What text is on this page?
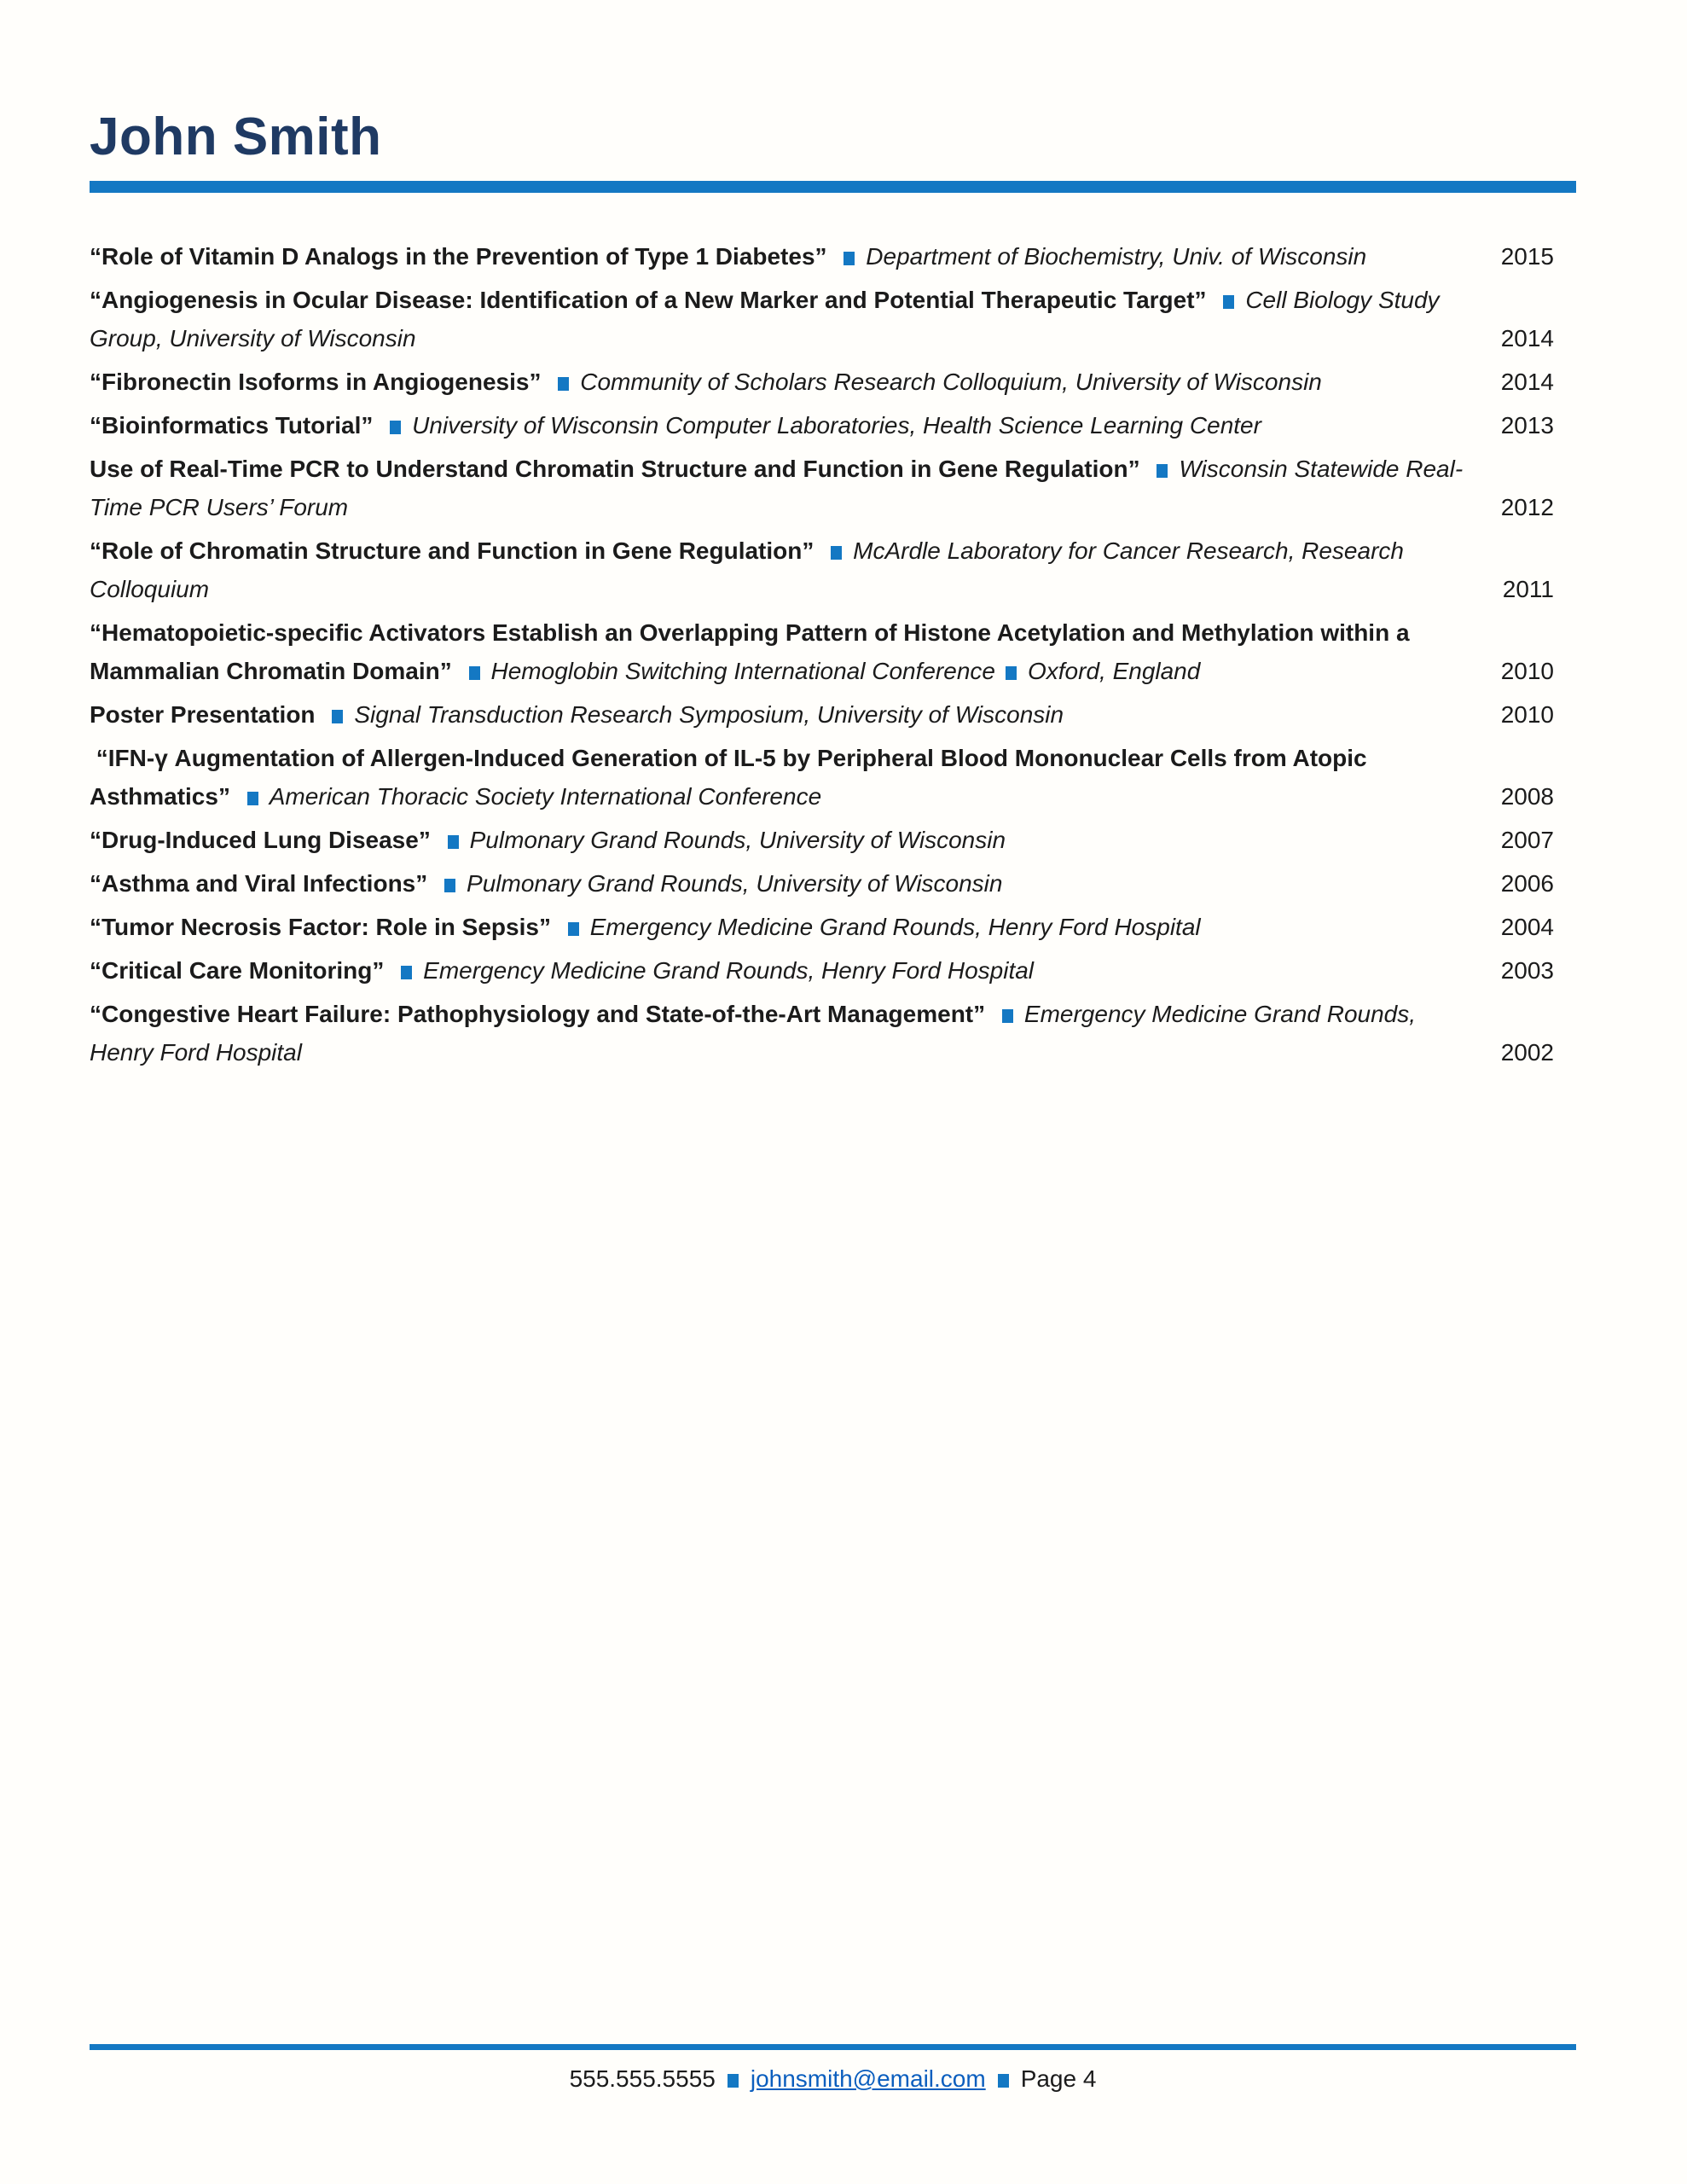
John Smith
“Role of Vitamin D Analogs in the Prevention of Type 1 Diabetes” Department of Biochemistry, Univ. of Wisconsin	2015
“Angiogenesis in Ocular Disease: Identification of a New Marker and Potential Therapeutic Target” Cell Biology Study Group, University of Wisconsin	2014
“Fibronectin Isoforms in Angiogenesis” Community of Scholars Research Colloquium, University of Wisconsin	2014
“Bioinformatics Tutorial” University of Wisconsin Computer Laboratories, Health Science Learning Center	2013
Use of Real-Time PCR to Understand Chromatin Structure and Function in Gene Regulation” Wisconsin Statewide Real-Time PCR Users’ Forum	2012
“Role of Chromatin Structure and Function in Gene Regulation” McArdle Laboratory for Cancer Research, Research Colloquium	2011
“Hematopoietic-specific Activators Establish an Overlapping Pattern of Histone Acetylation and Methylation within a Mammalian Chromatin Domain” Hemoglobin Switching International Conference Oxford, England	2010
Poster Presentation Signal Transduction Research Symposium, University of Wisconsin	2010
“IFN-γ Augmentation of Allergen-Induced Generation of IL-5 by Peripheral Blood Mononuclear Cells from Atopic Asthmatics” American Thoracic Society International Conference	2008
“Drug-Induced Lung Disease” Pulmonary Grand Rounds, University of Wisconsin	2007
“Asthma and Viral Infections” Pulmonary Grand Rounds, University of Wisconsin	2006
“Tumor Necrosis Factor: Role in Sepsis” Emergency Medicine Grand Rounds, Henry Ford Hospital	2004
“Critical Care Monitoring” Emergency Medicine Grand Rounds, Henry Ford Hospital	2003
“Congestive Heart Failure: Pathophysiology and State-of-the-Art Management” Emergency Medicine Grand Rounds, Henry Ford Hospital	2002
555.555.5555 johnsmith@email.com Page 4
